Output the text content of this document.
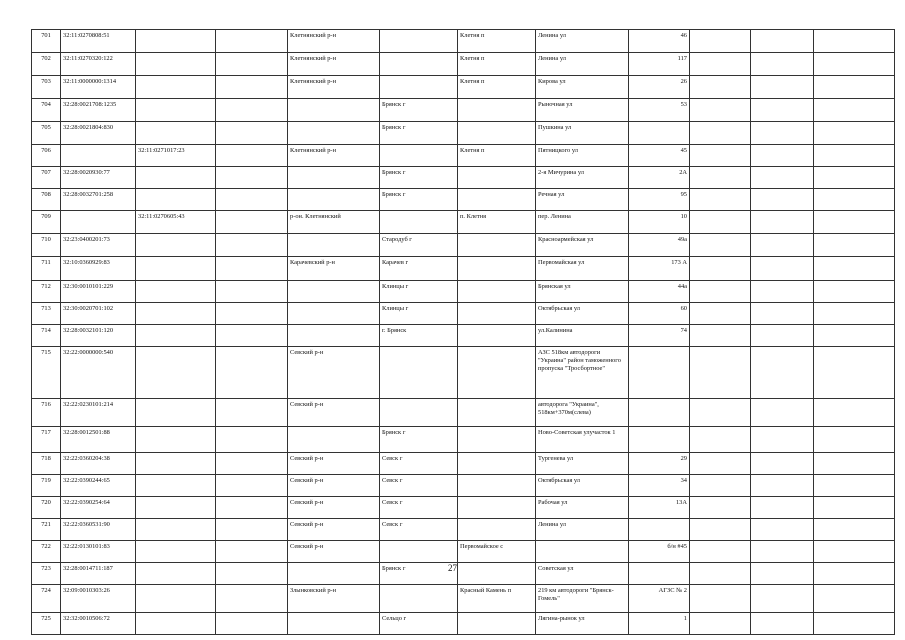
701	32:11:0270808:51			Клетнянский р-н		Клетня п	Ленина ул	46			
702	32:11:0270320:122			Клетнянский р-н		Клетня п	Ленина ул	117			
703	32:11:0000000:1314			Клетнянский р-н		Клетня п	Кирова ул	26			
704	32:28:0021708:1235				Брянск г		Рыночная ул	53			
705	32:28:0021804:830				Брянск г		Пушкина ул				
706		32:11:0271017:23		Клетнянский р-н		Клетня п	Пятницкого ул	45			
707	32:28:0020930:77				Брянск г		2-я Мичурина ул	2А			
708	32:28:0032701:258				Брянск г		Речная ул	95			
709		32:11:0270605:43		р-он. Клетнянский		п. Клетня	пер. Ленина	10			
710	32:23:0400201:73				Стародуб г		Красноармейская ул	49а			
711	32:10:0360929:83			Карачевский р-н	Карачев г		Первомайская ул	173 А			
712	32:30:0010101:229				Клинцы г		Брянская ул	44а			
713	32:30:0020701:102				Клинцы г		Октябрьская ул	60			
714	32:28:0032101:120				г. Брянск		ул.Калинина	74			
715	32:22:0000000:540			Севский р-н			АЗС 518км автодороги "Украина" район таможенного пропуска "Тросбортное"				
716	32:22:0230101:214			Севский р-н			автодорога "Украина", 518км+370м(слева)				
717	32:28:0012501:88				Брянск г		Ново-Советская улучасток 1				
718	32:22:0360204:38			Севский р-н	Севск г		Тургенева ул	29			
719	32:22:0390244:65			Севский р-н	Севск г		Октябрьская ул	34			
720	32:22:0390254:64			Севский р-н	Севск г		Рабочая ул	13А			
721	32:22:0360531:90			Севский р-н	Севск г		Ленина ул				
722	32:22:0130101:83			Севский р-н		Первомайское с		б/н #45			
723	32:28:0014711:187				Брянск г		Советская ул				
724	32:09:0010303:26			Злынковский р-н		Красный Камень п	219 км автодороги "Брянск-Гомель"	АГЗС № 2			
725	32:32:0010506:72				Сельцо г		Лягина-рынок ул	1			
27
